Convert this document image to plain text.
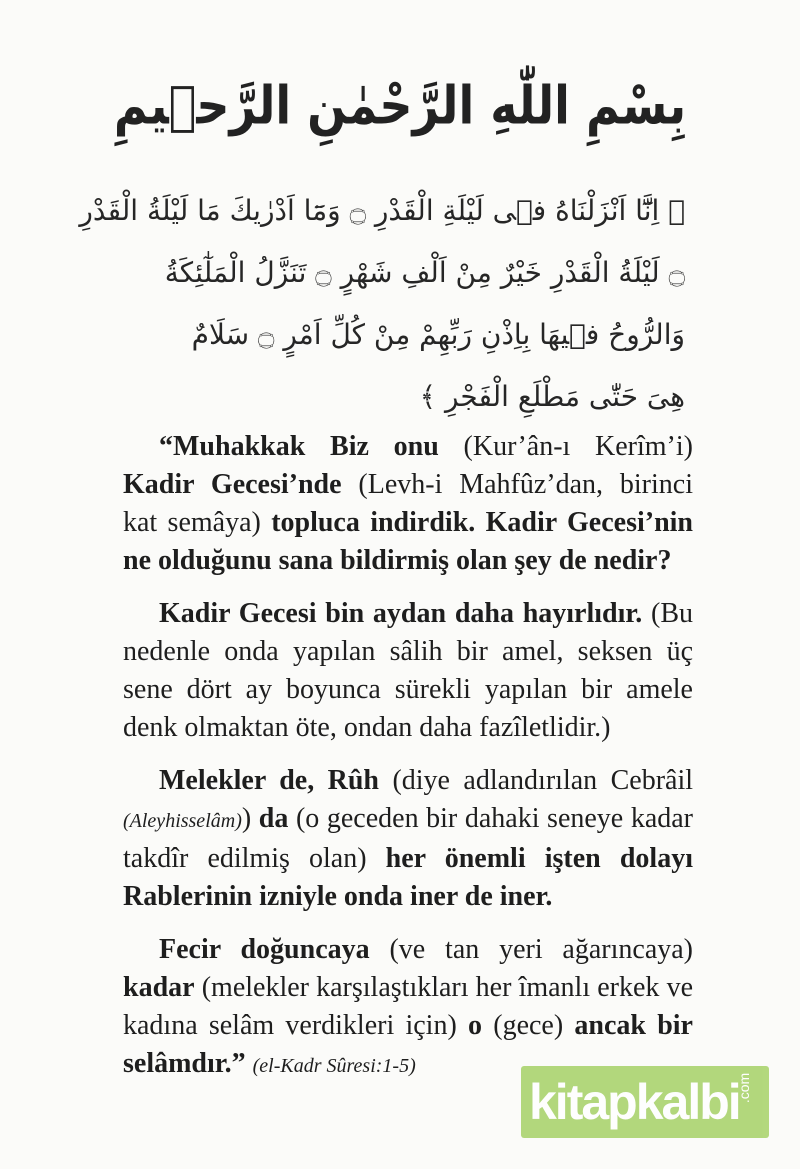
بِسْمِ اللّٰهِ الرَّحْمٰنِ الرَّحٖيمِ
﴿ اِنَّٓا اَنْزَلْنَاهُ فٖى لَيْلَةِ الْقَدْرِ ۝ وَمَٓا اَدْرٰيكَ مَا لَيْلَةُ الْقَدْرِ
۝ لَيْلَةُ الْقَدْرِ خَيْرٌ مِنْ اَلْفِ شَهْرٍ ۝ تَنَزَّلُ الْمَلٰٓئِكَةُ
وَالرُّوحُ فٖيهَا بِاِذْنِ رَبِّهِمْ مِنْ كُلِّ اَمْرٍ ۝ سَلَامٌ
هِىَ حَتّٰى مَطْلَعِ الْفَجْرِ ﴾

“Muhakkak Biz onu (Kur’ân-ı Kerîm’i) Kadir Gecesi’nde (Levh-i Mahfûz’dan, birinci kat semâya) topluca indirdik. Kadir Gecesi’nin ne olduğunu sana bildirmiş olan şey de nedir?

Kadir Gecesi bin aydan daha hayırlıdır. (Bu nedenle onda yapılan sâlih bir amel, seksen üç sene dört ay boyunca sürekli yapılan bir amele denk olmaktan öte, ondan daha fazîletlidir.)

Melekler de, Rûh (diye adlandırılan Cebrâil (Aleyhisselâm)) da (o geceden bir dahaki seneye kadar takdîr edilmiş olan) her önemli işten dolayı Rablerinin izniyle onda iner de iner.

Fecir doğuncaya (ve tan yeri ağarıncaya) kadar (melekler karşılaştıkları her îmanlı erkek ve kadına selâm verdikleri için) o (gece) ancak bir selâmdır.” (el-Kadr Sûresi:1-5)

kitapkalbi
.com
